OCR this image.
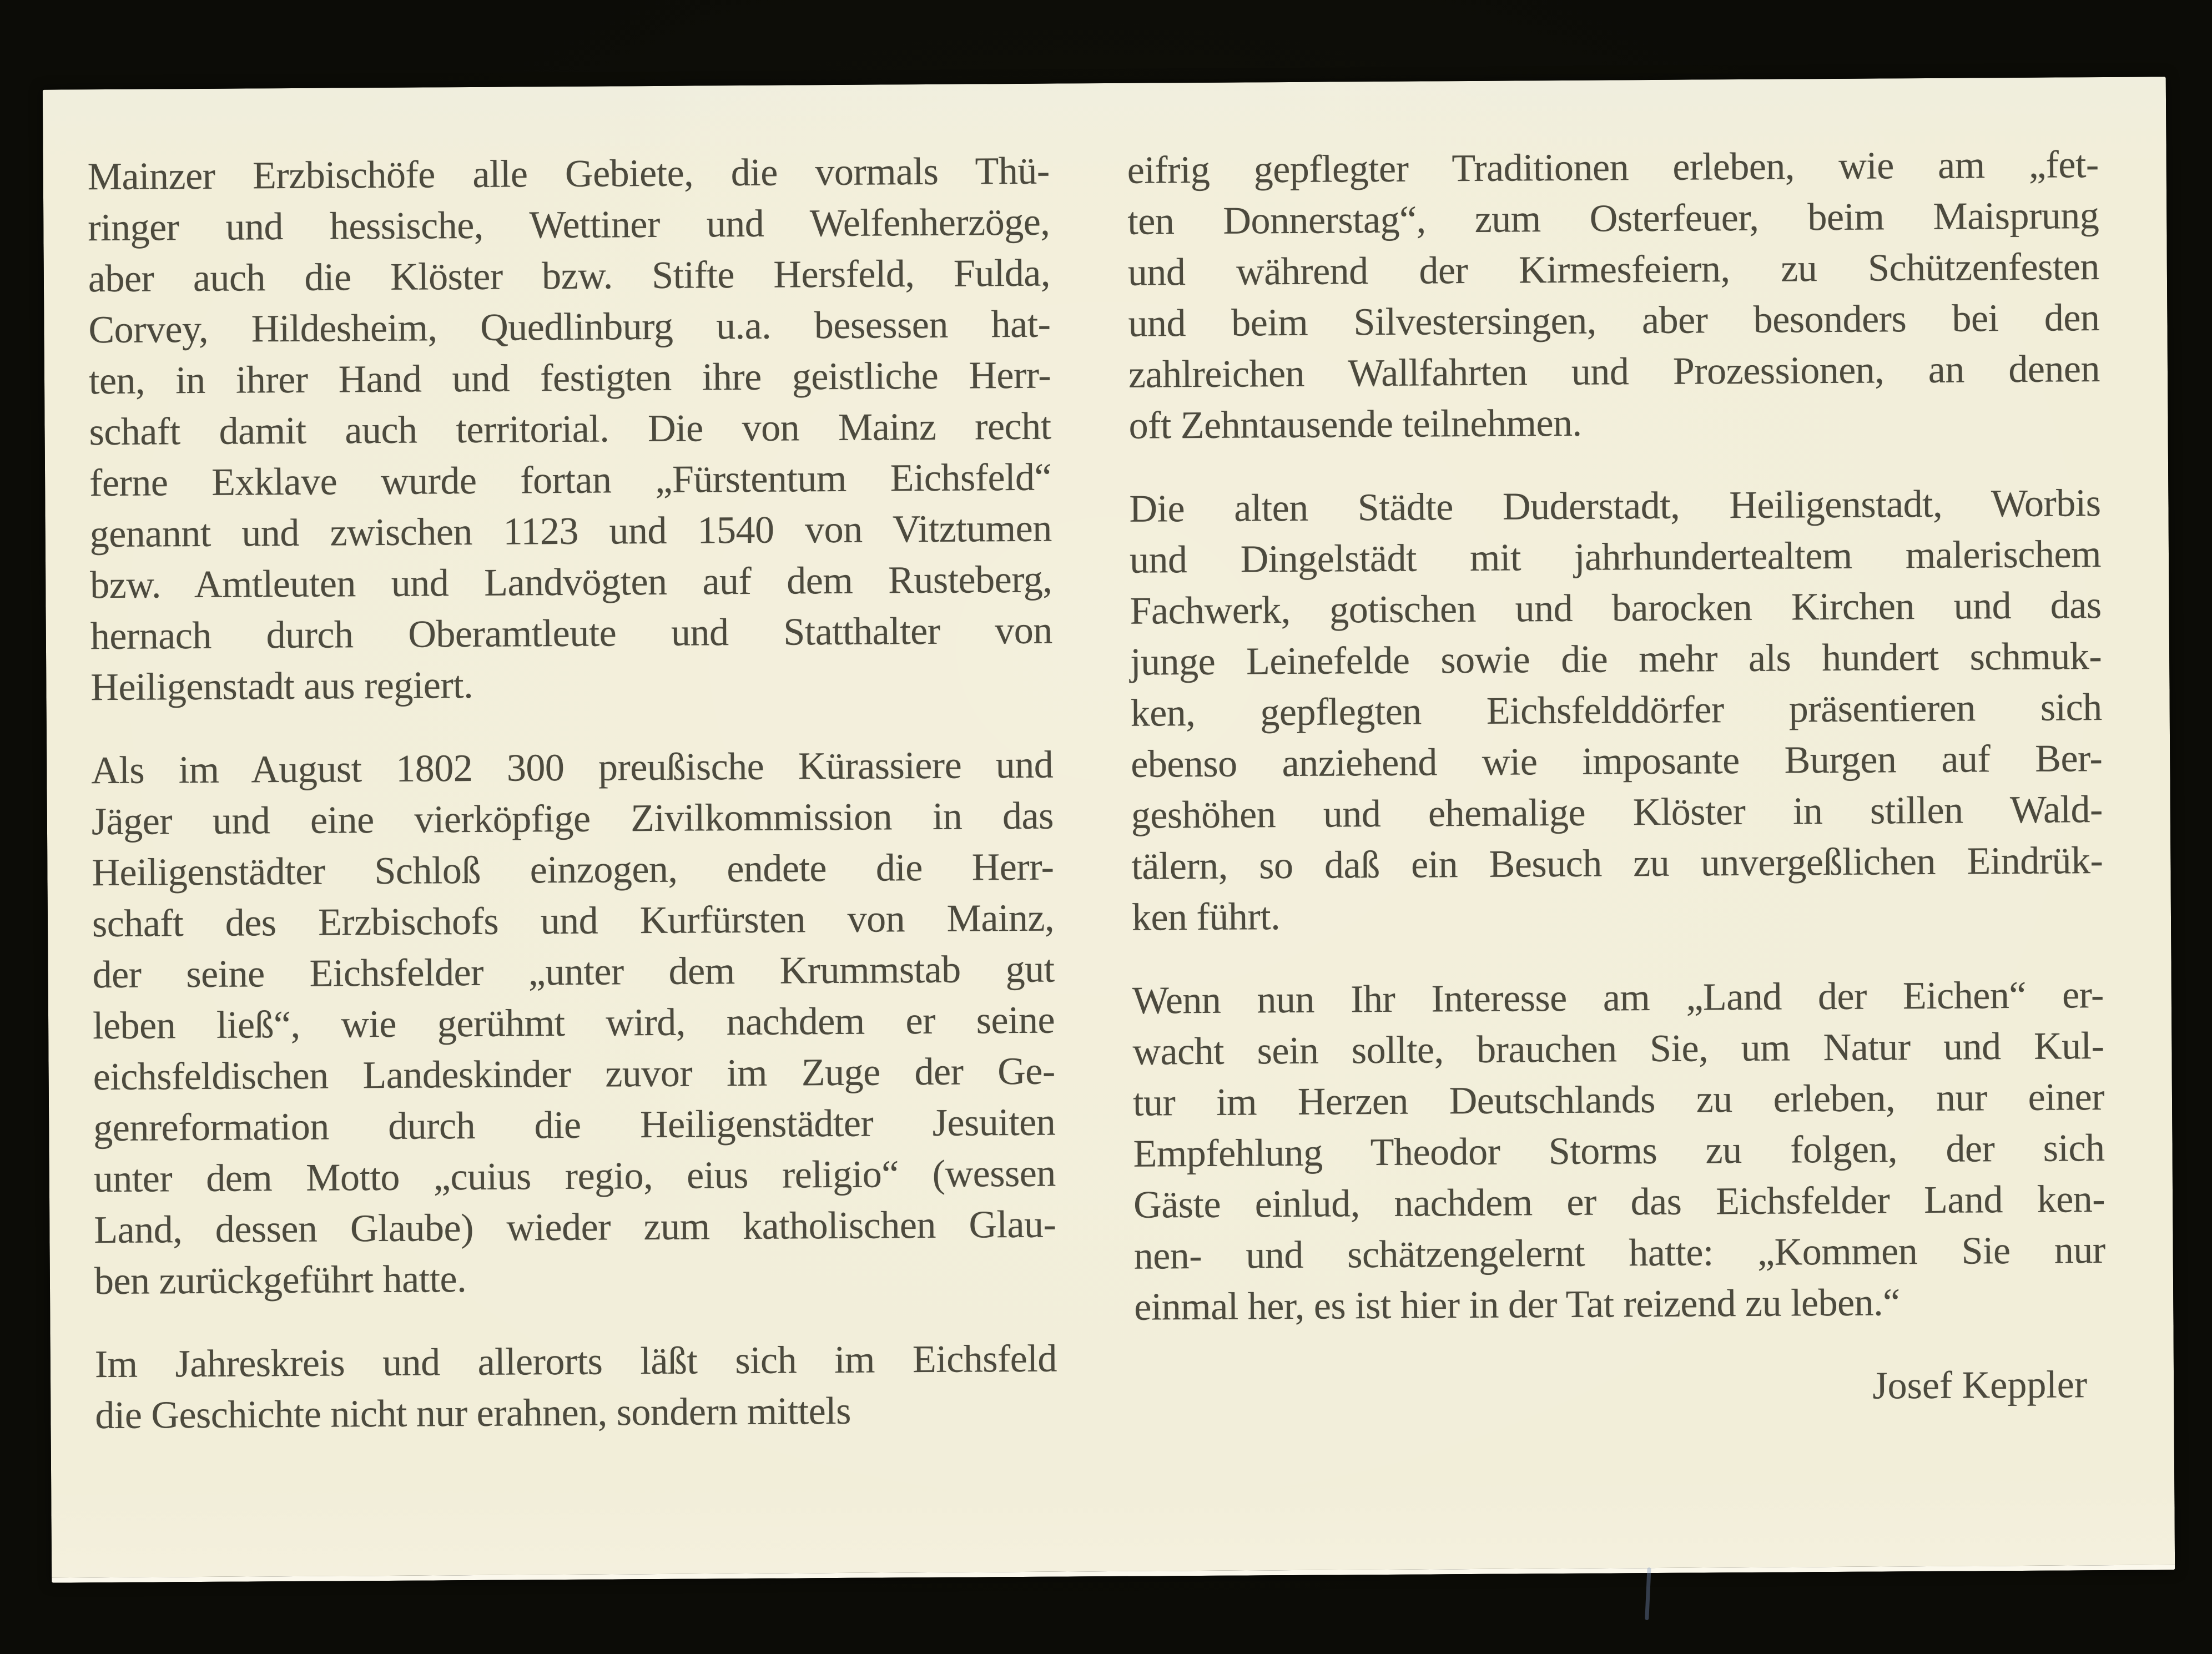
Mainzer Erzbischöfe alle Gebiete, die vormals Thü-
ringer und hessische, Wettiner und Welfenherzöge,
aber auch die Klöster bzw. Stifte Hersfeld, Fulda,
Corvey, Hildesheim, Quedlinburg u.a. besessen hat-
ten, in ihrer Hand und festigten ihre geistliche Herr-
schaft damit auch territorial. Die von Mainz recht
ferne Exklave wurde fortan „Fürstentum Eichsfeld“
genannt und zwischen 1123 und 1540 von Vitztumen
bzw. Amtleuten und Landvögten auf dem Rusteberg,
hernach durch Oberamtleute und Statthalter von
Heiligenstadt aus regiert.
Als im August 1802 300 preußische Kürassiere und
Jäger und eine vierköpfige Zivilkommission in das
Heiligenstädter Schloß einzogen, endete die Herr-
schaft des Erzbischofs und Kurfürsten von Mainz,
der seine Eichsfelder „unter dem Krummstab gut
leben ließ“, wie gerühmt wird, nachdem er seine
eichsfeldischen Landeskinder zuvor im Zuge der Ge-
genreformation durch die Heiligenstädter Jesuiten
unter dem Motto „cuius regio, eius religio“ (wessen
Land, dessen Glaube) wieder zum katholischen Glau-
ben zurückgeführt hatte.
Im Jahreskreis und allerorts läßt sich im Eichsfeld
die Geschichte nicht nur erahnen, sondern mittels
eifrig gepflegter Traditionen erleben, wie am „fet-
ten Donnerstag“, zum Osterfeuer, beim Maisprung
und während der Kirmesfeiern, zu Schützenfesten
und beim Silvestersingen, aber besonders bei den
zahlreichen Wallfahrten und Prozessionen, an denen
oft Zehntausende teilnehmen.
Die alten Städte Duderstadt, Heiligenstadt, Worbis
und Dingelstädt mit jahrhundertealtem malerischem
Fachwerk, gotischen und barocken Kirchen und das
junge Leinefelde sowie die mehr als hundert schmuk-
ken, gepflegten Eichsfelddörfer präsentieren sich
ebenso anziehend wie imposante Burgen auf Ber-
geshöhen und ehemalige Klöster in stillen Wald-
tälern, so daß ein Besuch zu unvergeßlichen Eindrük-
ken führt.
Wenn nun Ihr Interesse am „Land der Eichen“ er-
wacht sein sollte, brauchen Sie, um Natur und Kul-
tur im Herzen Deutschlands zu erleben, nur einer
Empfehlung Theodor Storms zu folgen, der sich
Gäste einlud, nachdem er das Eichsfelder Land ken-
nen- und schätzengelernt hatte: „Kommen Sie nur
einmal her, es ist hier in der Tat reizend zu leben.“
Josef Keppler
